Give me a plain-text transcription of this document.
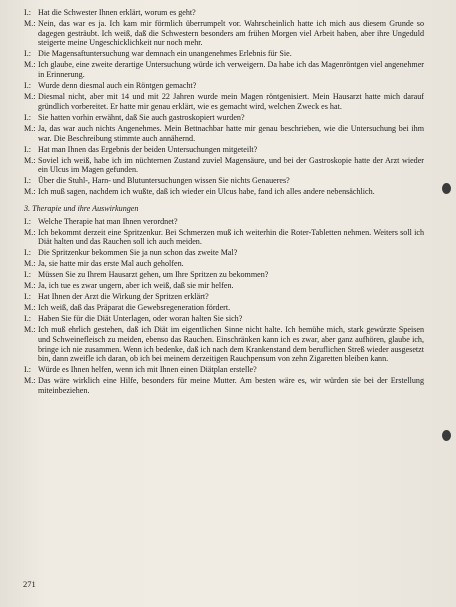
I.: Hat die Schwester Ihnen erklärt, worum es geht?
M.: Nein, das war es ja. Ich kam mir förmlich überrumpelt vor. Wahrscheinlich hatte ich mich aus diesem Grunde so dagegen gesträubt. Ich weiß, daß die Schwestern besonders am frühen Morgen viel Arbeit haben, aber ihre Ungeduld steigerte meine Ungeschicklichkeit nur noch mehr.
I.: Die Magensaftuntersuchung war demnach ein unangenehmes Erlebnis für Sie.
M.: Ich glaube, eine zweite derartige Untersuchung würde ich verweigern. Da habe ich das Magenröntgen viel angenehmer in Erinnerung.
I.: Wurde denn diesmal auch ein Röntgen gemacht?
M.: Diesmal nicht, aber mit 14 und mit 22 Jahren wurde mein Magen röntgenisiert. Mein Hausarzt hatte mich darauf gründlich vorbereitet. Er hatte mir genau erklärt, wie es gemacht wird, welchen Zweck es hat.
I.: Sie hatten vorhin erwähnt, daß Sie auch gastroskopiert wurden?
M.: Ja, das war auch nichts Angenehmes. Mein Bettnachbar hatte mir genau beschrieben, wie die Untersuchung bei ihm war. Die Beschreibung stimmte auch annähernd.
I.: Hat man Ihnen das Ergebnis der beiden Untersuchungen mitgeteilt?
M.: Soviel ich weiß, habe ich im nüchternen Zustand zuviel Magensäure, und bei der Gastroskopie hatte der Arzt wieder ein Ulcus im Magen gefunden.
I.: Über die Stuhl-, Harn- und Blutuntersuchungen wissen Sie nichts Genaueres?
M.: Ich muß sagen, nachdem ich wußte, daß ich wieder ein Ulcus habe, fand ich alles andere nebensächlich.
3. Therapie und ihre Auswirkungen
I.: Welche Therapie hat man Ihnen verordnet?
M.: Ich bekommt derzeit eine Spritzenkur. Bei Schmerzen muß ich weiterhin die Roter-Tabletten nehmen. Weiters soll ich Diät halten und das Rauchen soll ich auch meiden.
I.: Die Spritzenkur bekommen Sie ja nun schon das zweite Mal?
M.: Ja, sie hatte mir das erste Mal auch geholfen.
I.: Müssen Sie zu Ihrem Hausarzt gehen, um Ihre Spritzen zu bekommen?
M.: Ja, ich tue es zwar ungern, aber ich weiß, daß sie mir helfen.
I.: Hat Ihnen der Arzt die Wirkung der Spritzen erklärt?
M.: Ich weiß, daß das Präparat die Gewebsregeneration fördert.
I.: Haben Sie für die Diät Unterlagen, oder woran halten Sie sich?
M.: Ich muß ehrlich gestehen, daß ich Diät im eigentlichen Sinne nicht halte. Ich bemühe mich, stark gewürzte Speisen und Schweinefleisch zu meiden, ebenso das Rauchen. Einschränken kann ich es zwar, aber ganz aufhören, glaube ich, bringe ich nie zusammen. Wenn ich bedenke, daß ich nach dem Krankenstand dem beruflichen Streß wieder ausgesetzt bin, dann zweifle ich daran, ob ich bei meinem derzeitigen Rauchpensum von zehn Zigaretten bleiben kann.
I.: Würde es Ihnen helfen, wenn ich mit Ihnen einen Diätplan erstelle?
M.: Das wäre wirklich eine Hilfe, besonders für meine Mutter. Am besten wäre es, wir würden sie bei der Erstellung miteinbeziehen.
271
